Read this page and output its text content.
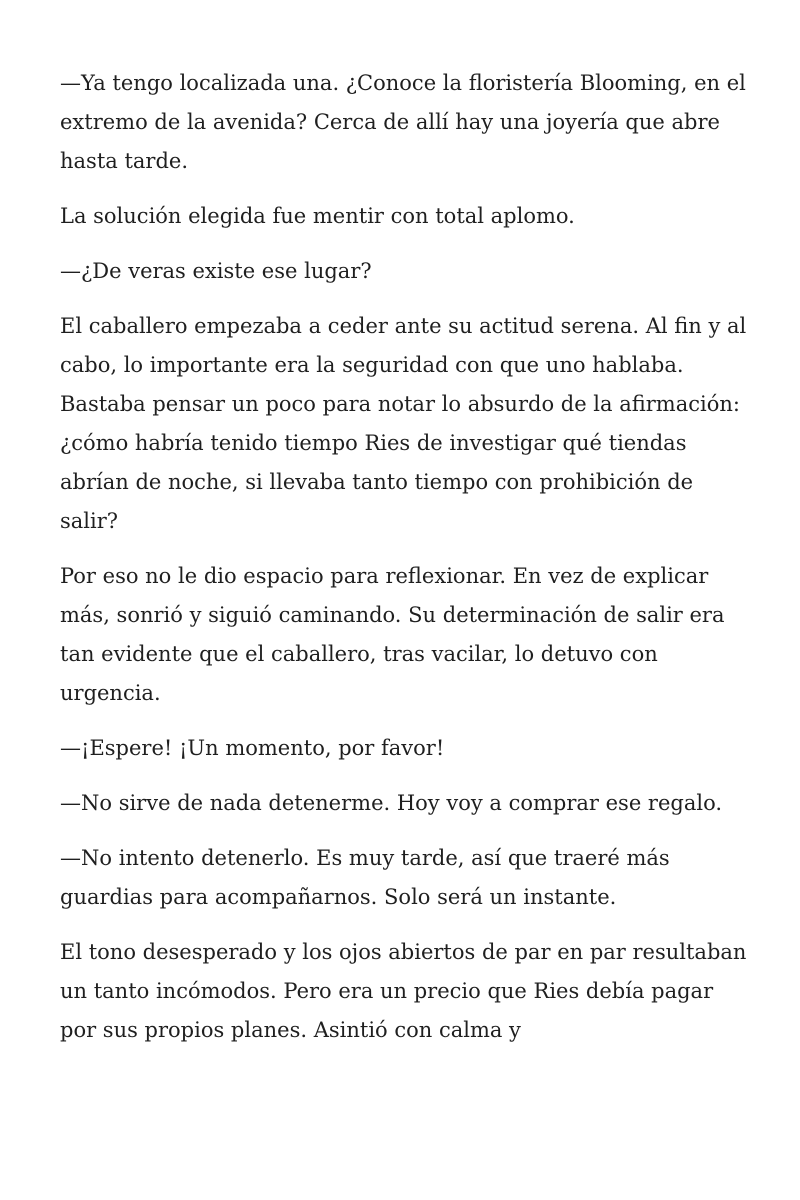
—Ya tengo localizada una. ¿Conoce la floristería Blooming, en el extremo de la avenida? Cerca de allí hay una joyería que abre hasta tarde.

La solución elegida fue mentir con total aplomo.

—¿De veras existe ese lugar?

El caballero empezaba a ceder ante su actitud serena. Al fin y al cabo, lo importante era la seguridad con que uno hablaba. Bastaba pensar un poco para notar lo absurdo de la afirmación: ¿cómo habría tenido tiempo Ries de investigar qué tiendas abrían de noche, si llevaba tanto tiempo con prohibición de salir?

Por eso no le dio espacio para reflexionar. En vez de explicar más, sonrió y siguió caminando. Su determinación de salir era tan evidente que el caballero, tras vacilar, lo detuvo con urgencia.

—¡Espere! ¡Un momento, por favor!

—No sirve de nada detenerme. Hoy voy a comprar ese regalo.

—No intento detenerlo. Es muy tarde, así que traeré más guardias para acompañarnos. Solo será un instante.

El tono desesperado y los ojos abiertos de par en par resultaban un tanto incómodos. Pero era un precio que Ries debía pagar por sus propios planes. Asintió con calma y
